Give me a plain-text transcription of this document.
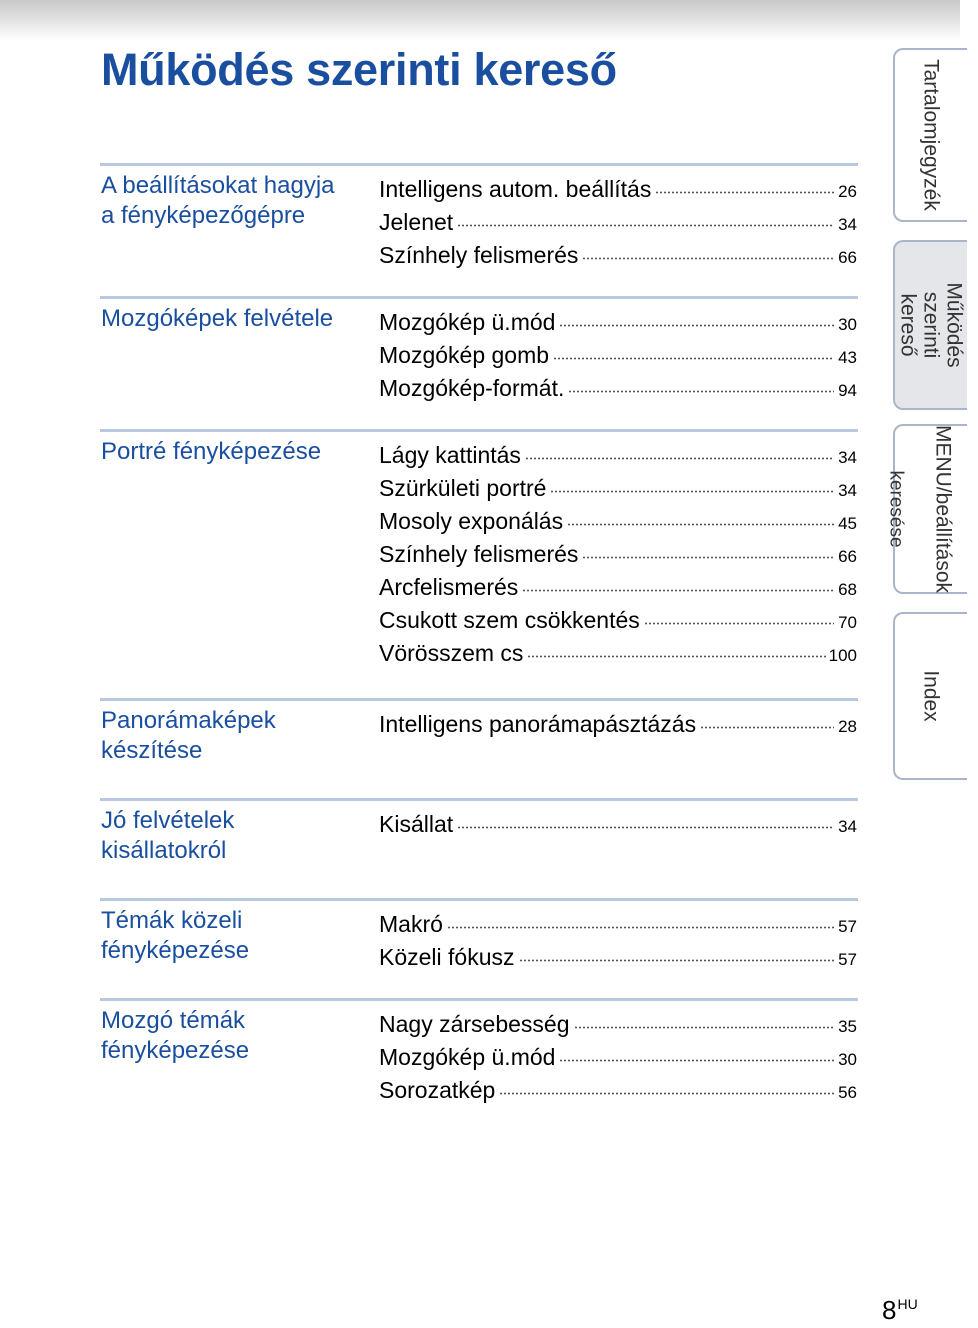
Működés szerinti kereső
A beállításokat hagyja
a fényképezőgépre
Intelligens autom. beállítás	26
Jelenet	34
Színhely felismerés	66
Mozgóképek felvétele	Mozgókép ü.mód	30
Mozgókép gomb	43
Mozgókép-formát.	94
Portré fényképezése	Lágy kattintás	34
Szürkületi portré	34
Mosoly exponálás	45
Színhely felismerés	66
Arcfelismerés	68
Csukott szem csökkentés	70
Vörösszem cs	100
Panorámaképek
készítése
Intelligens panorámapásztázás	28
Jó felvételek
kisállatokról
Kisállat	34
Témák közeli
fényképezése
Makró	57
Közeli fókusz	57
Mozgó témák
fényképezése
Nagy zársebesség	35
Mozgókép ü.mód	30
Sorozatkép	56
Tartalomjegyzék
Működés
szerinti kereső

MENU/beállítások

keresése

Index
$8^{HU}$
